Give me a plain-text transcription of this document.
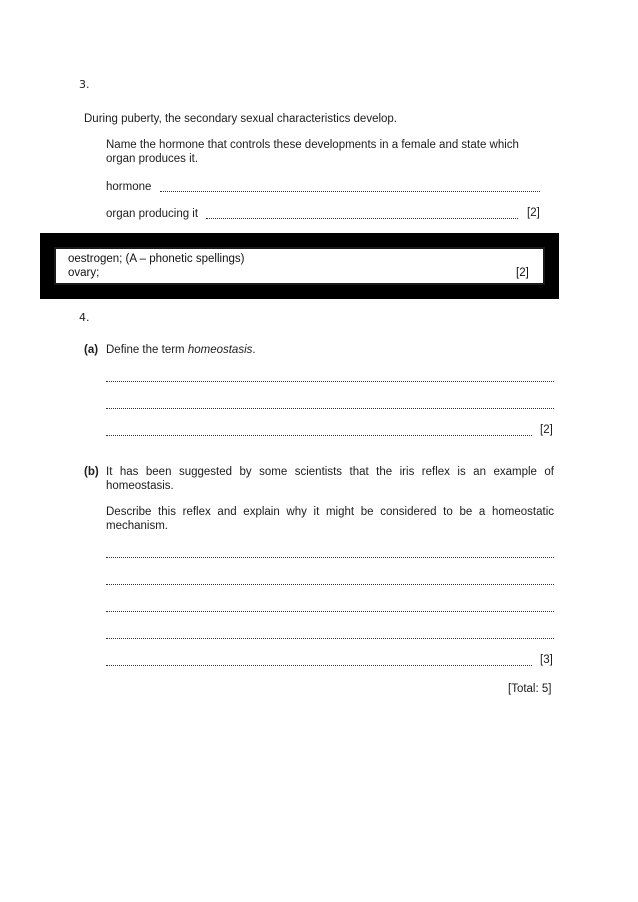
3.
During puberty, the secondary sexual characteristics develop.
Name the hormone that controls these developments in a female and state which
organ produces it.
hormone
organ producing it	[2]
oestrogen; (A – phonetic spellings)
ovary;	[2]
4.
(a) Define the term homeostasis.
[2]
(b) It has been suggested by some scientists that the iris reflex is an example of
homeostasis.
Describe this reflex and explain why it might be considered to be a homeostatic
mechanism.
[3]
[Total: 5]
